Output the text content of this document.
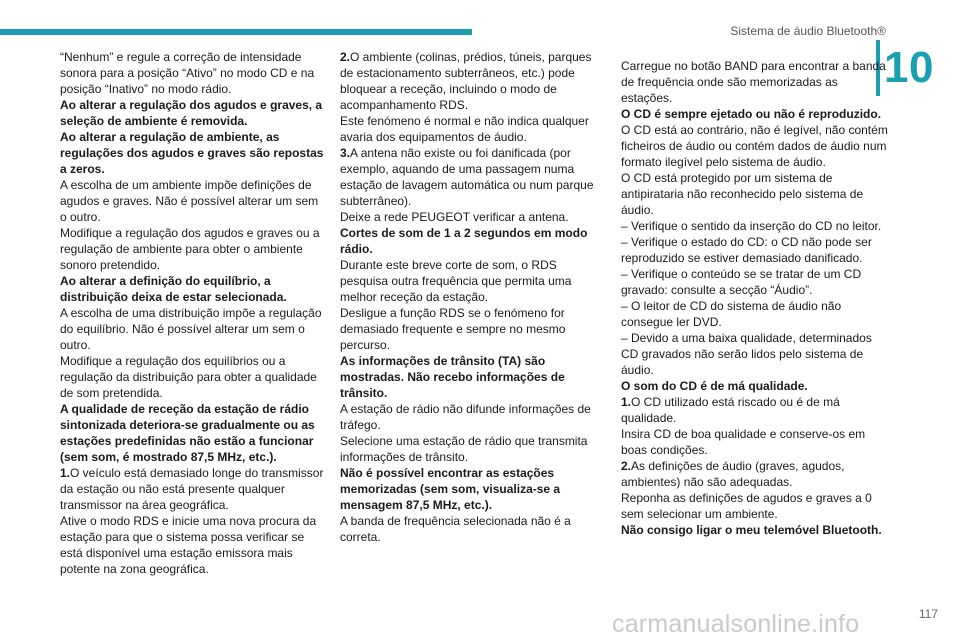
Sistema de áudio Bluetooth®
10

“Nenhum” e regule a correção de intensidade sonora para a posição “Ativo” no modo CD e na posição “Inativo” no modo rádio.

Ao alterar a regulação dos agudos e graves, a seleção de ambiente é removida.

Ao alterar a regulação de ambiente, as regulações dos agudos e graves são repostas a zeros.

A escolha de um ambiente impõe definições de agudos e graves. Não é possível alterar um sem o outro.

Modifique a regulação dos agudos e graves ou a regulação de ambiente para obter o ambiente sonoro pretendido.

Ao alterar a definição do equilíbrio, a distribuição deixa de estar selecionada.

A escolha de uma distribuição impõe a regulação do equilíbrio. Não é possível alterar um sem o outro.

Modifique a regulação dos equilíbrios ou a regulação da distribuição para obter a qualidade de som pretendida.

A qualidade de receção da estação de rádio sintonizada deteriora-se gradualmente ou as estações predefinidas não estão a funcionar (sem som, é mostrado 87,5 MHz, etc.).

1.O veículo está demasiado longe do transmissor da estação ou não está presente qualquer transmissor na área geográfica.

Ative o modo RDS e inicie uma nova procura da estação para que o sistema possa verificar se está disponível uma estação emissora mais potente na zona geográfica.

2.O ambiente (colinas, prédios, túneis, parques de estacionamento subterrâneos, etc.) pode bloquear a receção, incluindo o modo de acompanhamento RDS.

Este fenómeno é normal e não indica qualquer avaria dos equipamentos de áudio.

3.A antena não existe ou foi danificada (por exemplo, aquando de uma passagem numa estação de lavagem automática ou num parque subterrâneo).

Deixe a rede PEUGEOT verificar a antena.

Cortes de som de 1 a 2 segundos em modo rádio.

Durante este breve corte de som, o RDS pesquisa outra frequência que permita uma melhor receção da estação.

Desligue a função RDS se o fenómeno for demasiado frequente e sempre no mesmo percurso.

As informações de trânsito (TA) são mostradas. Não recebo informações de trânsito.

A estação de rádio não difunde informações de tráfego.

Selecione uma estação de rádio que transmita informações de trânsito.

Não é possível encontrar as estações memorizadas (sem som, visualiza-se a mensagem 87,5 MHz, etc.).

A banda de frequência selecionada não é a correta.

Carregue no botão BAND para encontrar a banda de frequência onde são memorizadas as estações.

O CD é sempre ejetado ou não é reproduzido.

O CD está ao contrário, não é legível, não contém ficheiros de áudio ou contém dados de áudio num formato ilegível pelo sistema de áudio.

O CD está protegido por um sistema de antipirataria não reconhecido pelo sistema de áudio.

– Verifique o sentido da inserção do CD no leitor.

– Verifique o estado do CD: o CD não pode ser reproduzido se estiver demasiado danificado.

– Verifique o conteúdo se se tratar de um CD gravado: consulte a secção “Áudio”.

– O leitor de CD do sistema de áudio não consegue ler DVD.

– Devido a uma baixa qualidade, determinados CD gravados não serão lidos pelo sistema de áudio.

O som do CD é de má qualidade.

1.O CD utilizado está riscado ou é de má qualidade.

Insira CD de boa qualidade e conserve-os em boas condições.

2.As definições de áudio (graves, agudos, ambientes) não são adequadas.

Reponha as definições de agudos e graves a 0 sem selecionar um ambiente.

Não consigo ligar o meu telemóvel Bluetooth.

carmanualsonline.info	117
